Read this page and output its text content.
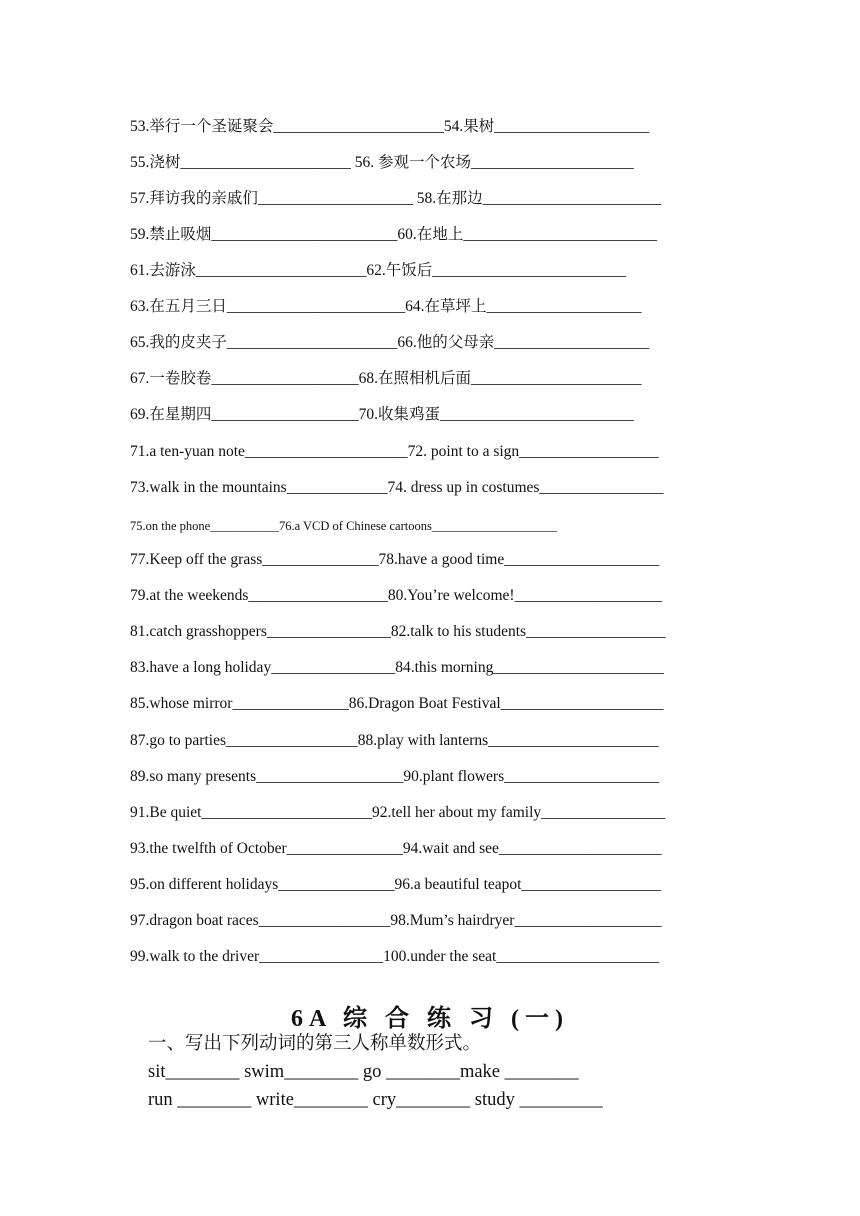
53.举行一个圣诞聚会______________________54.果树____________________
55.浇树______________________ 56. 参观一个农场_____________________
57.拜访我的亲戚们____________________ 58.在那边_______________________
59.禁止吸烟________________________60.在地上_________________________
61.去游泳______________________62.午饭后_________________________
63.在五月三日_______________________64.在草坪上____________________
65.我的皮夹子______________________66.他的父母亲____________________
67.一卷胶卷___________________68.在照相机后面______________________
69.在星期四___________________70.收集鸡蛋_________________________
71.a ten-yuan note_____________________72. point to a sign__________________
73.walk in the mountains_____________74. dress up in costumes________________
75.on the phone___________76.a VCD of Chinese cartoons____________________
77.Keep off the grass_______________78.have a good time____________________
79.at the weekends__________________80.You’re welcome!___________________
81.catch grasshoppers________________82.talk to his students__________________
83.have a long holiday________________84.this morning______________________
85.whose mirror_______________86.Dragon Boat Festival_____________________
87.go to parties_________________88.play with lanterns______________________
89.so many presents___________________90.plant flowers____________________
91.Be quiet______________________92.tell her about my family________________
93.the twelfth of October_______________94.wait and see_____________________
95.on different holidays_______________96.a beautiful teapot__________________
97.dragon boat races_________________98.Mum’s hairdryer___________________
99.walk to the driver________________100.under the seat_____________________
6A 综 合 练 习 (一)
一、写出下列动词的第三人称单数形式。
sit________ swim________ go ________make ________
run ________ write________ cry________ study _________
